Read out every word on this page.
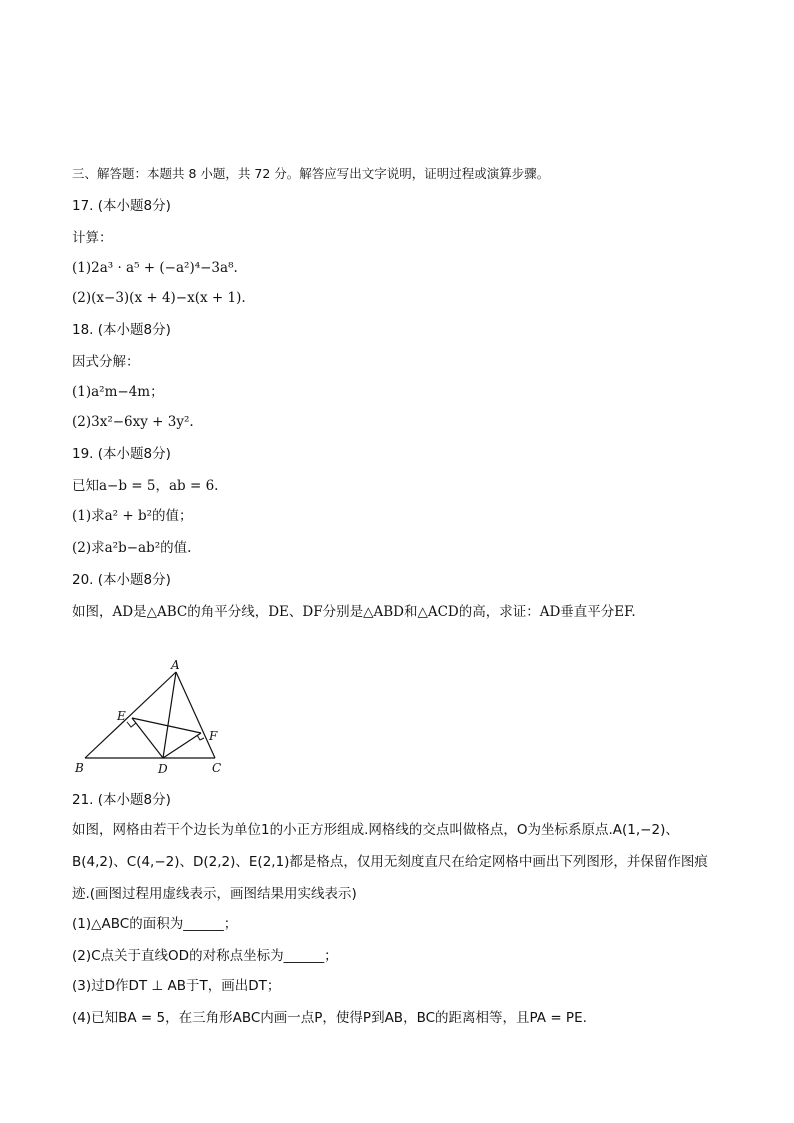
三、解答题：本题共 8 小题，共 72 分。解答应写出文字说明，证明过程或演算步骤。
17. (本小题8分)
计算：
(1)2a³ · a⁵ + (−a²)⁴−3a⁸.
(2)(x−3)(x + 4)−x(x + 1).
18. (本小题8分)
因式分解：
(1)a²m−4m；
(2)3x²−6xy + 3y².
19. (本小题8分)
已知a−b = 5，ab = 6.
(1)求a² + b²的值；
(2)求a²b−ab²的值.
20. (本小题8分)
如图，AD是△ABC的角平分线，DE、DF分别是△ABD和△ACD的高，求证：AD垂直平分EF.
A
B	C
D
E
F
21. (本小题8分)
如图，网格由若干个边长为单位1的小正方形组成.网格线的交点叫做格点，O为坐标系原点.A(1,−2)、
B(4,2)、C(4,−2)、D(2,2)、E(2,1)都是格点，仅用无刻度直尺在给定网格中画出下列图形，并保留作图痕
迹.(画图过程用虚线表示，画图结果用实线表示)
(1)△ABC的面积为______；
(2)C点关于直线OD的对称点坐标为______；
(3)过D作DT ⊥ AB于T，画出DT；
(4)已知BA = 5，在三角形ABC内画一点P，使得P到AB，BC的距离相等，且PA = PE.
